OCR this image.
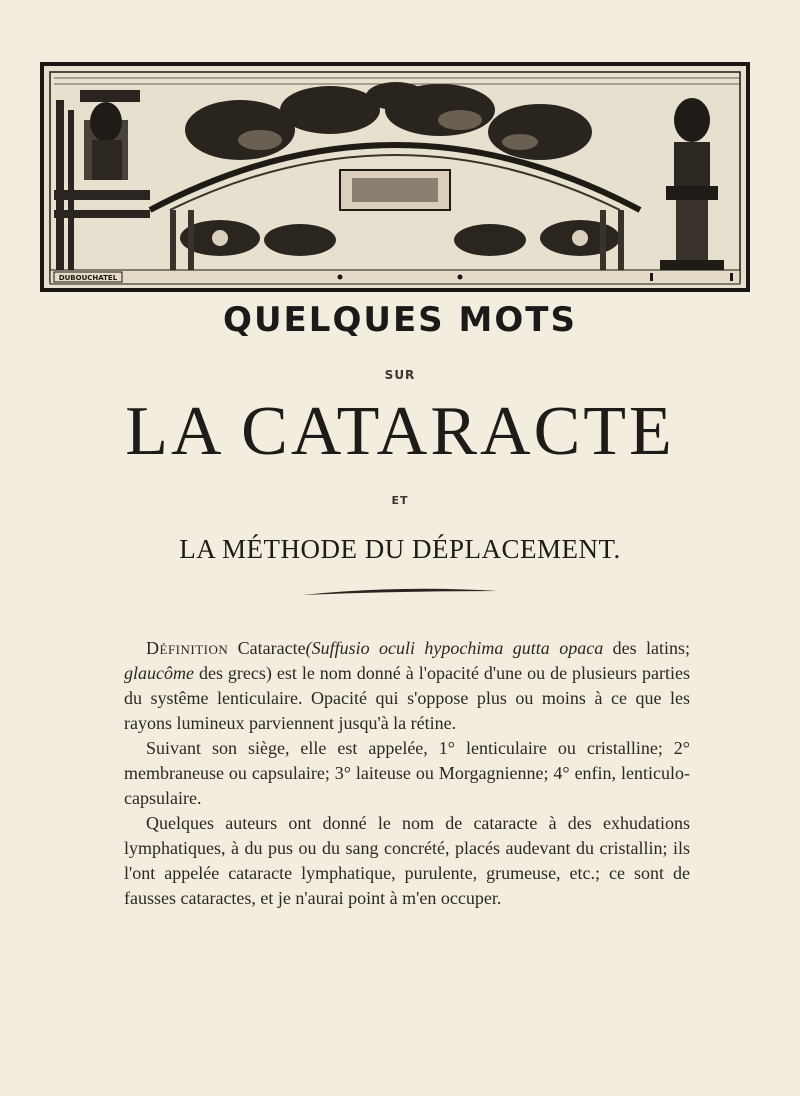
DUBOUCHATEL
QUELQUES MOTS
SUR
LA CATARACTE
ET
LA MÉTHODE DU DÉPLACEMENT.

Définition Cataracte(Suffusio oculi hypochima gutta opaca des latins; glaucôme des grecs) est le nom donné à l'opacité d'une ou de plusieurs parties du systême lenticulaire. Opacité qui s'oppose plus ou moins à ce que les rayons lumineux parviennent jusqu'à la rétine.

Suivant son siège, elle est appelée, 1° lenticulaire ou cristalline; 2° membraneuse ou capsulaire; 3° laiteuse ou Morgagnienne; 4° enfin, lenticulo-capsulaire.

Quelques auteurs ont donné le nom de cataracte à des exhudations lymphatiques, à du pus ou du sang concrété, placés audevant du cristallin; ils l'ont appelée cataracte lymphatique, purulente, grumeuse, etc.; ce sont de fausses cataractes, et je n'aurai point à m'en occuper.
